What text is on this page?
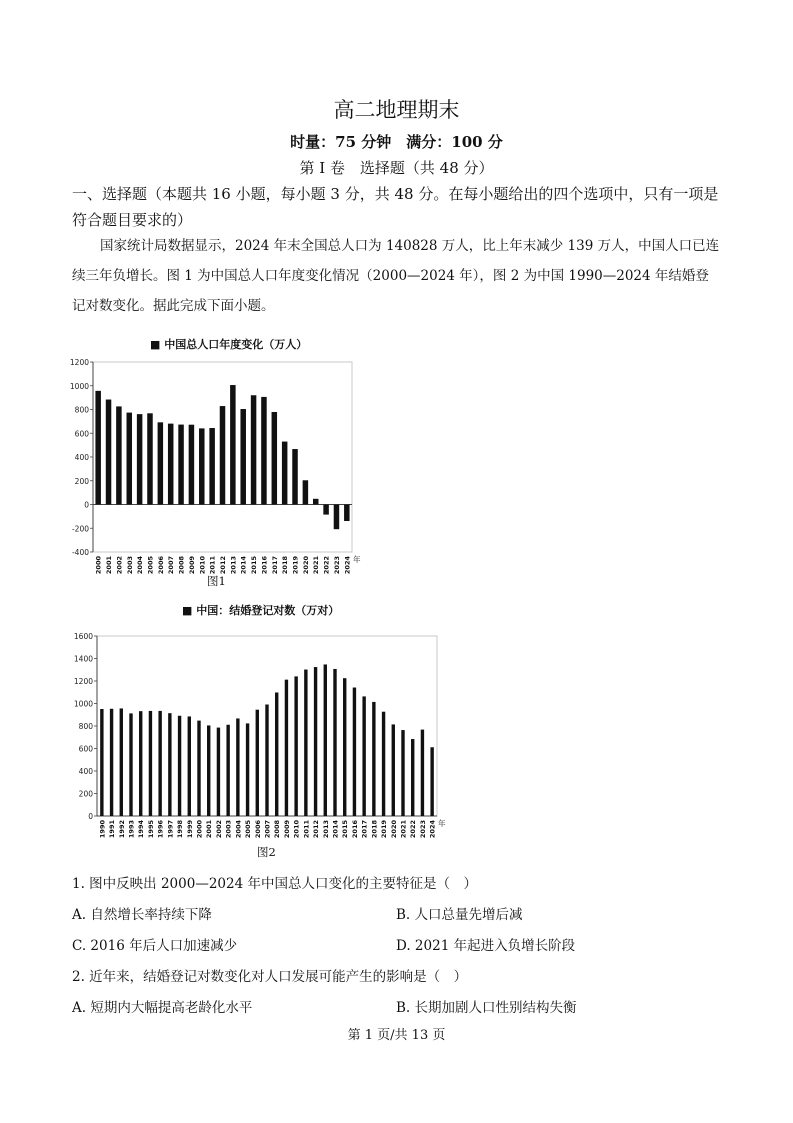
高二地理期末
时量：75 分钟　满分：100 分
第 I 卷　选择题（共 48 分）
一、选择题（本题共 16 小题，每小题 3 分，共 48 分。在每小题给出的四个选项中，只有一项是符合题目要求的）
国家统计局数据显示，2024 年末全国总人口为 140828 万人，比上年末减少 139 万人，中国人口已连续三年负增长。图 1 为中国总人口年度变化情况（2000—2024 年），图 2 为中国 1990—2024 年结婚登记对数变化。据此完成下面小题。
■ 中国总人口年度变化（万人）
-400
-200
0
200
400
600
800
1000
1200
2000 2001 2002 2003 2004 2005 2006 2007 2008 2009 2010 2011 2012 2013 2014 2015 2016 2017 2018 2019 2020 2021 2022 2023 2024 年
图1
■ 中国：结婚登记对数（万对）
0
200
400
600
800
1000
1200
1400
1600
1990 1991 1992 1993 1994 1995 1996 1997 1998 1999 2000 2001 2002 2003 2004 2005 2006 2007 2008 2009 2010 2011 2012 2013 2014 2015 2016 2017 2018 2019 2020 2021 2022 2023 2024 年
图2
1. 图中反映出 2000—2024 年中国总人口变化的主要特征是（　）
A. 自然增长率持续下降	B. 人口总量先增后减
C. 2016 年后人口加速减少	D. 2021 年起进入负增长阶段
2. 近年来，结婚登记对数变化对人口发展可能产生的影响是（　）
A. 短期内大幅提高老龄化水平	B. 长期加剧人口性别结构失衡
第 1 页/共 13 页
